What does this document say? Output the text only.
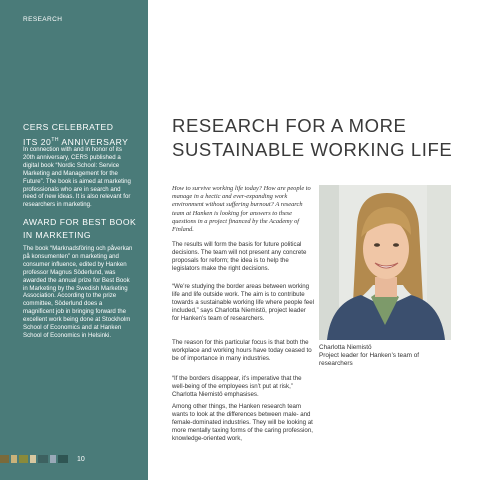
RESEARCH
CERS CELEBRATED
ITS 20TH ANNIVERSARY
In connection with and in honor of its 20th anniversary, CERS published a digital book “Nordic School: Service Marketing and Management for the Future”. The book is aimed at marketing professionals who are in search and need of new ideas. It is also relevant for researchers in marketing.
AWARD FOR BEST BOOK
IN MARKETING
The book “Marknadsföring och påverkan på konsumenten” on marketing and consumer influence, edited by Hanken professor Magnus Söderlund, was awarded the annual prize for Best Book in Marketing by the Swedish Marketing Association. According to the prize committee, Söderlund does a magnificent job in bringing forward the excellent work being done at Stockholm School of Economics and at Hanken School of Economics in Helsinki.
10
RESEARCH FOR A MORE
SUSTAINABLE WORKING LIFE
How to survive working life today? How are people to manage in a hectic and ever-expanding work environment without suffering burnout? A research team at Hanken is looking for answers to these questions in a project financed by the Academy of Finland.
The results will form the basis for future political decisions. The team will not present any concrete proposals for reform; the idea is to help the legislators make the right decisions.
“We’re studying the border areas between working life and life outside work. The aim is to contribute towards a sustainable working life where people feel included,” says Charlotta Niemistö, project leader for Hanken’s team of researchers.
The reason for this particular focus is that both the workplace and working hours have today ceased to be of importance in many industries.
“If the borders disappear, it’s imperative that the well-being of the employees isn’t put at risk,” Charlotta Niemistö emphasises.
Among other things, the Hanken research team wants to look at the differences between male- and female-dominated industries. They will be looking at more mentally taxing forms of the caring profession, knowledge-oriented work,
Charlotta Niemistö
Project leader for Hanken’s team of researchers
